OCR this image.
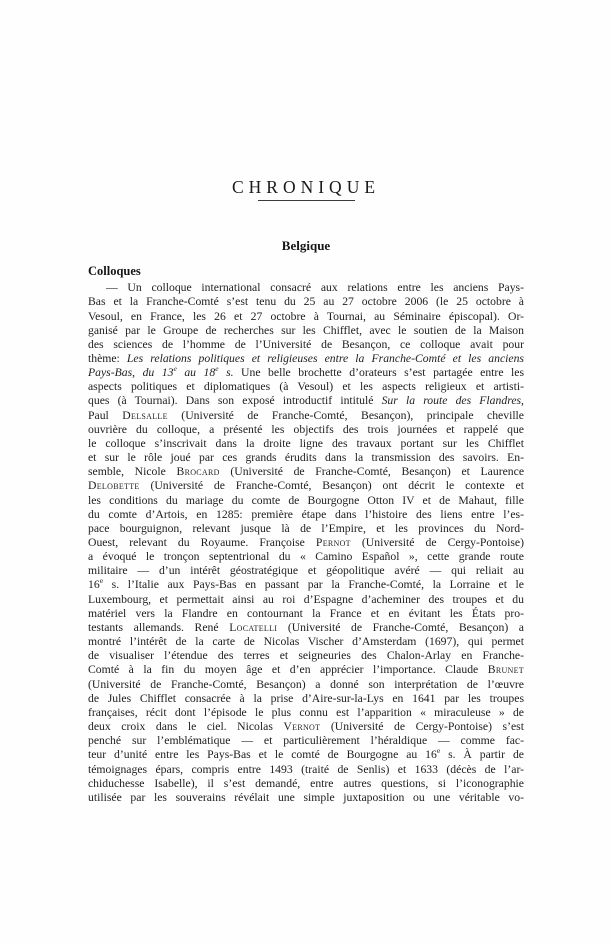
CHRONIQUE
Belgique
Colloques
— Un colloque international consacré aux relations entre les anciens Pays-
Bas et la Franche-Comté s’est tenu du 25 au 27 octobre 2006 (le 25 octobre à
Vesoul, en France, les 26 et 27 octobre à Tournai, au Séminaire épiscopal). Or-
ganisé par le Groupe de recherches sur les Chifflet, avec le soutien de la Maison
des sciences de l’homme de l’Université de Besançon, ce colloque avait pour
thème: Les relations politiques et religieuses entre la Franche-Comté et les anciens
Pays-Bas, du 13e au 18e s. Une belle brochette d’orateurs s’est partagée entre les
aspects politiques et diplomatiques (à Vesoul) et les aspects religieux et artisti-
ques (à Tournai). Dans son exposé introductif intitulé Sur la route des Flandres,
Paul Delsalle (Université de Franche-Comté, Besançon), principale cheville
ouvrière du colloque, a présenté les objectifs des trois journées et rappelé que
le colloque s’inscrivait dans la droite ligne des travaux portant sur les Chifflet
et sur le rôle joué par ces grands érudits dans la transmission des savoirs. En-
semble, Nicole Brocard (Université de Franche-Comté, Besançon) et Laurence
Delobette (Université de Franche-Comté, Besançon) ont décrit le contexte et
les conditions du mariage du comte de Bourgogne Otton IV et de Mahaut, fille
du comte d’Artois, en 1285: première étape dans l’histoire des liens entre l’es-
pace bourguignon, relevant jusque là de l’Empire, et les provinces du Nord-
Ouest, relevant du Royaume. Françoise Pernot (Université de Cergy-Pontoise)
a évoqué le tronçon septentrional du « Camino Español », cette grande route
militaire — d’un intérêt géostratégique et géopolitique avéré — qui reliait au
16e s. l’Italie aux Pays-Bas en passant par la Franche-Comté, la Lorraine et le
Luxembourg, et permettait ainsi au roi d’Espagne d’acheminer des troupes et du
matériel vers la Flandre en contournant la France et en évitant les États pro-
testants allemands. René Locatelli (Université de Franche-Comté, Besançon) a
montré l’intérêt de la carte de Nicolas Vischer d’Amsterdam (1697), qui permet
de visualiser l’étendue des terres et seigneuries des Chalon-Arlay en Franche-
Comté à la fin du moyen âge et d’en apprécier l’importance. Claude Brunet
(Université de Franche-Comté, Besançon) a donné son interprétation de l’œuvre
de Jules Chifflet consacrée à la prise d’Aire-sur-la-Lys en 1641 par les troupes
françaises, récit dont l’épisode le plus connu est l’apparition « miraculeuse » de
deux croix dans le ciel. Nicolas Vernot (Université de Cergy-Pontoise) s’est
penché sur l’emblématique — et particulièrement l’héraldique — comme fac-
teur d’unité entre les Pays-Bas et le comté de Bourgogne au 16e s. À partir de
témoignages épars, compris entre 1493 (traité de Senlis) et 1633 (décès de l’ar-
chiduchesse Isabelle), il s’est demandé, entre autres questions, si l’iconographie
utilisée par les souverains révélait une simple juxtaposition ou une véritable vo-
